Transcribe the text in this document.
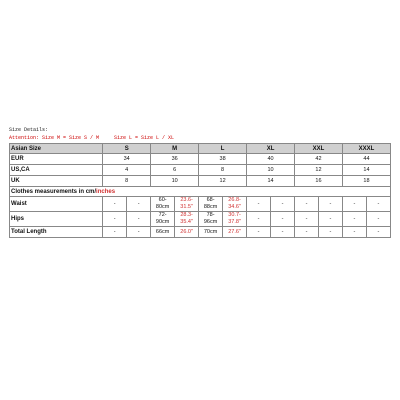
Size Details:
Attention: Size M = Size S / M	Size L = Size L / XL
Asian Size	S		M		L		XL		XXL		XXXL	
EUR	34		36		38		40		42		44	
US,CA	4		6		8		10		12		14	
UK	8		10		12		14		16		18	
Clothes measurements in cm/inches												
Waist	-	-	60-80cm	23.6-31.5"	68-88cm	26.8-34.6"	-	-	-	-	-	-
Hips	-	-	72-90cm	28.3-35.4"	78-96cm	30.7-37.8"	-	-	-	-	-	-
Total Length	-	-	66cm	26.0"	70cm	27.6"	-	-	-	-	-	-
